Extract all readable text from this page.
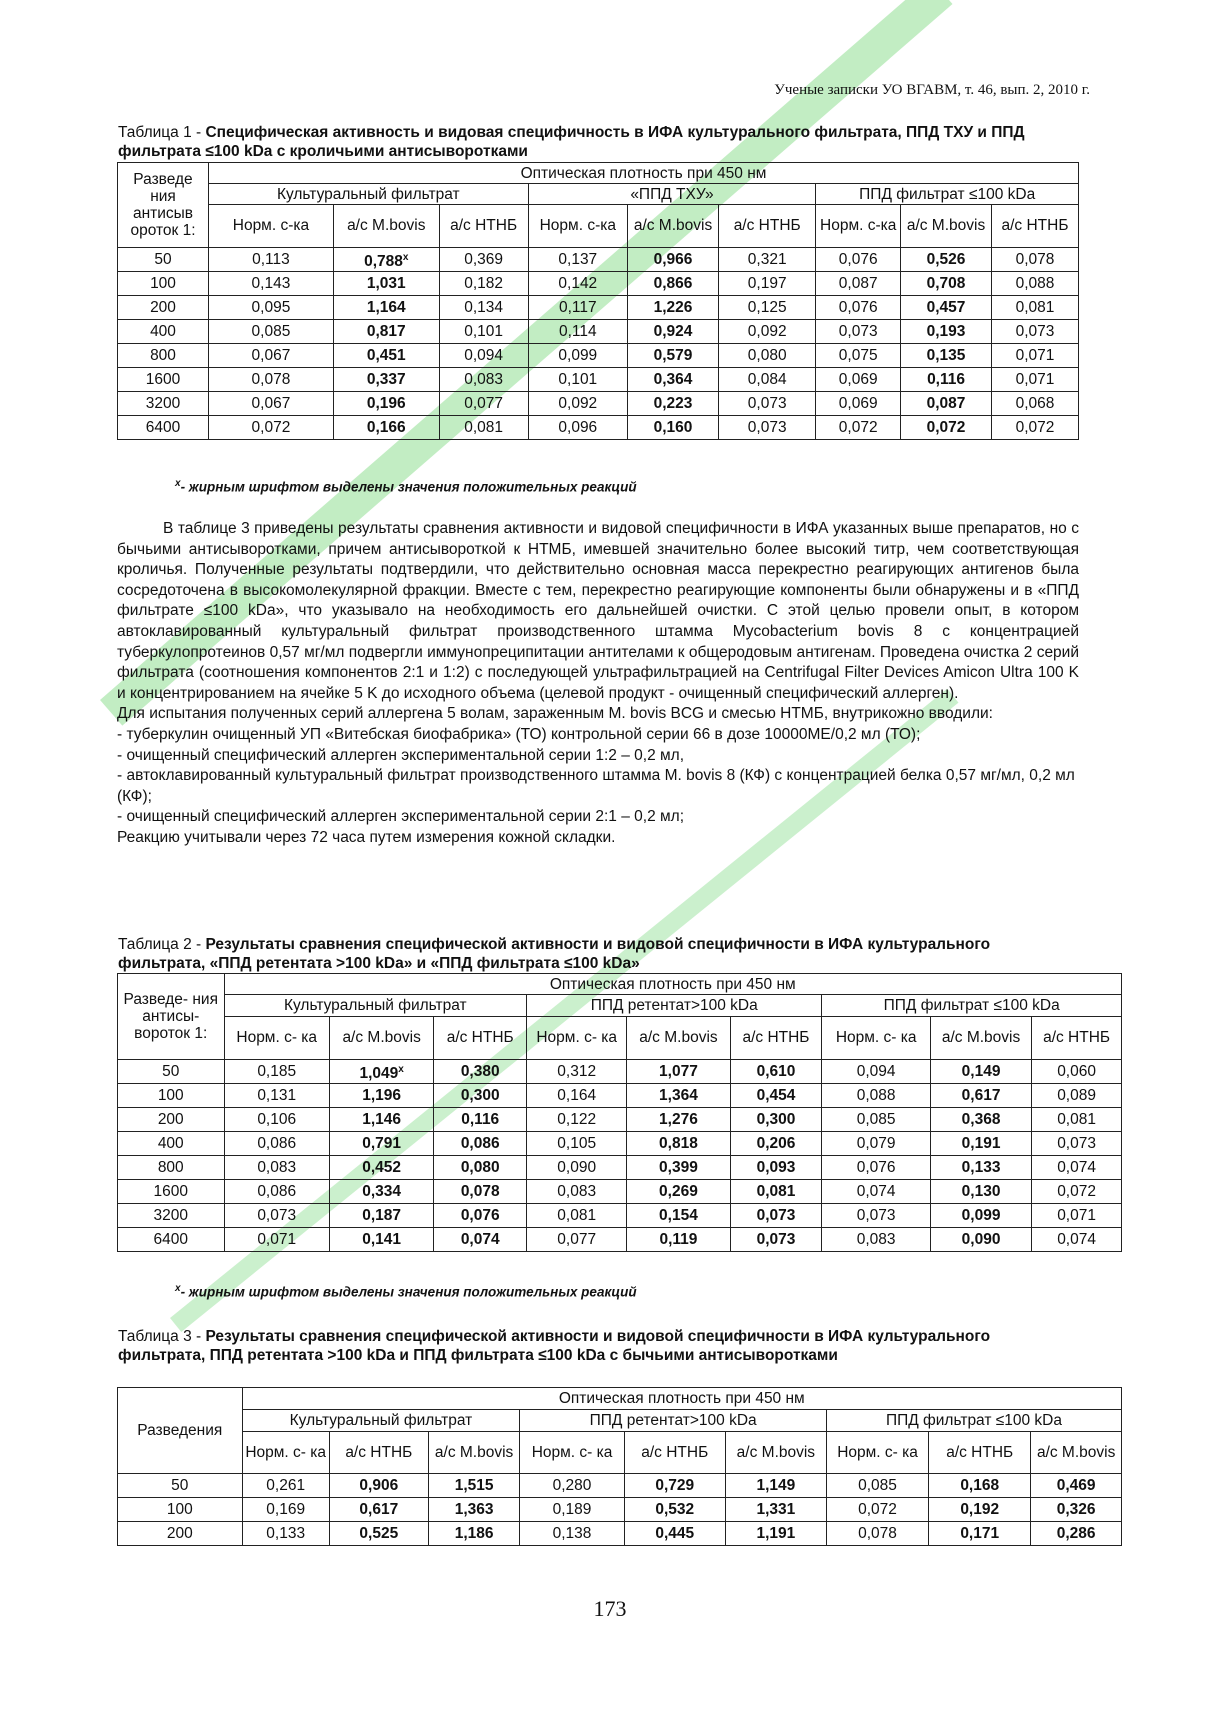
Ученые записки УО ВГАВМ, т. 46, вып. 2, 2010 г.
Таблица 1 - Специфическая активность и видовая специфичность в ИФА культурального фильтрата, ППД ТХУ и ППД фильтрата ≤100 kDa с кроличьими антисыворотками
Разведе ния антисыв ороток 1:	Оптическая плотность при 450 нм								
	Культуральный фильтрат			«ППД ТХУ»			ППД фильтрат ≤100 kDa		
	Норм. с-ка	а/с M.bovis	а/с НТНБ	Норм. с-ка	а/с M.bovis	а/с НТНБ	Норм. с-ка	а/с M.bovis	а/с НТНБ
50	0,113	0,788$^x$	0,369	0,137	0,966	0,321	0,076	0,526	0,078
100	0,143	1,031	0,182	0,142	0,866	0,197	0,087	0,708	0,088
200	0,095	1,164	0,134	0,117	1,226	0,125	0,076	0,457	0,081
400	0,085	0,817	0,101	0,114	0,924	0,092	0,073	0,193	0,073
800	0,067	0,451	0,094	0,099	0,579	0,080	0,075	0,135	0,071
1600	0,078	0,337	0,083	0,101	0,364	0,084	0,069	0,116	0,071
3200	0,067	0,196	0,077	0,092	0,223	0,073	0,069	0,087	0,068
6400	0,072	0,166	0,081	0,096	0,160	0,073	0,072	0,072	0,072
$^x$- жирным шрифтом выделены значения положительных реакций

В таблице 3 приведены результаты сравнения активности и видовой специфичности в ИФА указанных выше препаратов, но с бычьими антисыворотками, причем антисывороткой к НТМБ, имевшей значительно более высокий титр, чем соответствующая кроличья. Полученные результаты подтвердили, что действительно основная масса перекрестно реагирующих антигенов была сосредоточена в высокомолекулярной фракции. Вместе с тем, перекрестно реагирующие компоненты были обнаружены и в «ППД фильтрате ≤100 kDa», что указывало на необходимость его дальнейшей очистки. С этой целью провели опыт, в котором автоклавированный культуральный фильтрат производственного штамма Mycobacterium bovis 8 с концентрацией туберкулопротеинов 0,57 мг/мл подвергли иммунопреципитации антителами к общеродовым антигенам. Проведена очистка 2 серий фильтрата (соотношения компонентов 2:1 и 1:2) с последующей ультрафильтрацией на Centrifugal Filter Devices Amicon Ultra 100 K и концентрированием на ячейке 5 K до исходного объема (целевой продукт - очищенный специфический аллерген).

Для испытания полученных серий аллергена 5 волам, зараженным M. bovis BCG и смесью НТМБ, внутрикожно вводили:

- туберкулин очищенный УП «Витебская биофабрика» (ТО) контрольной серии 66 в дозе 10000МЕ/0,2 мл (ТО);

- очищенный специфический аллерген экспериментальной серии 1:2 – 0,2 мл,

- автоклавированный культуральный фильтрат производственного штамма M. bovis 8 (КФ) с концентрацией белка 0,57 мг/мл, 0,2 мл (КФ);

- очищенный специфический аллерген экспериментальной серии 2:1 – 0,2 мл;

Реакцию учитывали через 72 часа путем измерения кожной складки.

Таблица 2 - Результаты сравнения специфической активности и видовой специфичности в ИФА культурального фильтрата, «ППД ретентата >100 kDa» и «ППД фильтрата ≤100 kDa»
Разведе- ния антисы- вороток 1:	Оптическая плотность при 450 нм								
	Культуральный фильтрат			ППД ретентат>100 kDa			ППД фильтрат ≤100 kDa		
	Норм. с- ка	а/с M.bovis	а/с НТНБ	Норм. с- ка	а/с M.bovis	а/с НТНБ	Норм. с- ка	а/с M.bovis	а/с НТНБ
50	0,185	1,049$^x$	0,380	0,312	1,077	0,610	0,094	0,149	0,060
100	0,131	1,196	0,300	0,164	1,364	0,454	0,088	0,617	0,089
200	0,106	1,146	0,116	0,122	1,276	0,300	0,085	0,368	0,081
400	0,086	0,791	0,086	0,105	0,818	0,206	0,079	0,191	0,073
800	0,083	0,452	0,080	0,090	0,399	0,093	0,076	0,133	0,074
1600	0,086	0,334	0,078	0,083	0,269	0,081	0,074	0,130	0,072
3200	0,073	0,187	0,076	0,081	0,154	0,073	0,073	0,099	0,071
6400	0,071	0,141	0,074	0,077	0,119	0,073	0,083	0,090	0,074
$^x$- жирным шрифтом выделены значения положительных реакций
Таблица 3 - Результаты сравнения специфической активности и видовой специфичности в ИФА культурального фильтрата, ППД ретентата >100 kDa и ППД фильтрата ≤100 kDa с бычьими антисыворотками
Разведения	Оптическая плотность при 450 нм								
	Культуральный фильтрат			ППД ретентат>100 kDa			ППД фильтрат ≤100 kDa		
	Норм. с- ка	а/с НТНБ	а/с M.bovis	Норм. с- ка	а/с НТНБ	а/с M.bovis	Норм. с- ка	а/с НТНБ	а/с M.bovis
50	0,261	0,906	1,515	0,280	0,729	1,149	0,085	0,168	0,469
100	0,169	0,617	1,363	0,189	0,532	1,331	0,072	0,192	0,326
200	0,133	0,525	1,186	0,138	0,445	1,191	0,078	0,171	0,286
173
